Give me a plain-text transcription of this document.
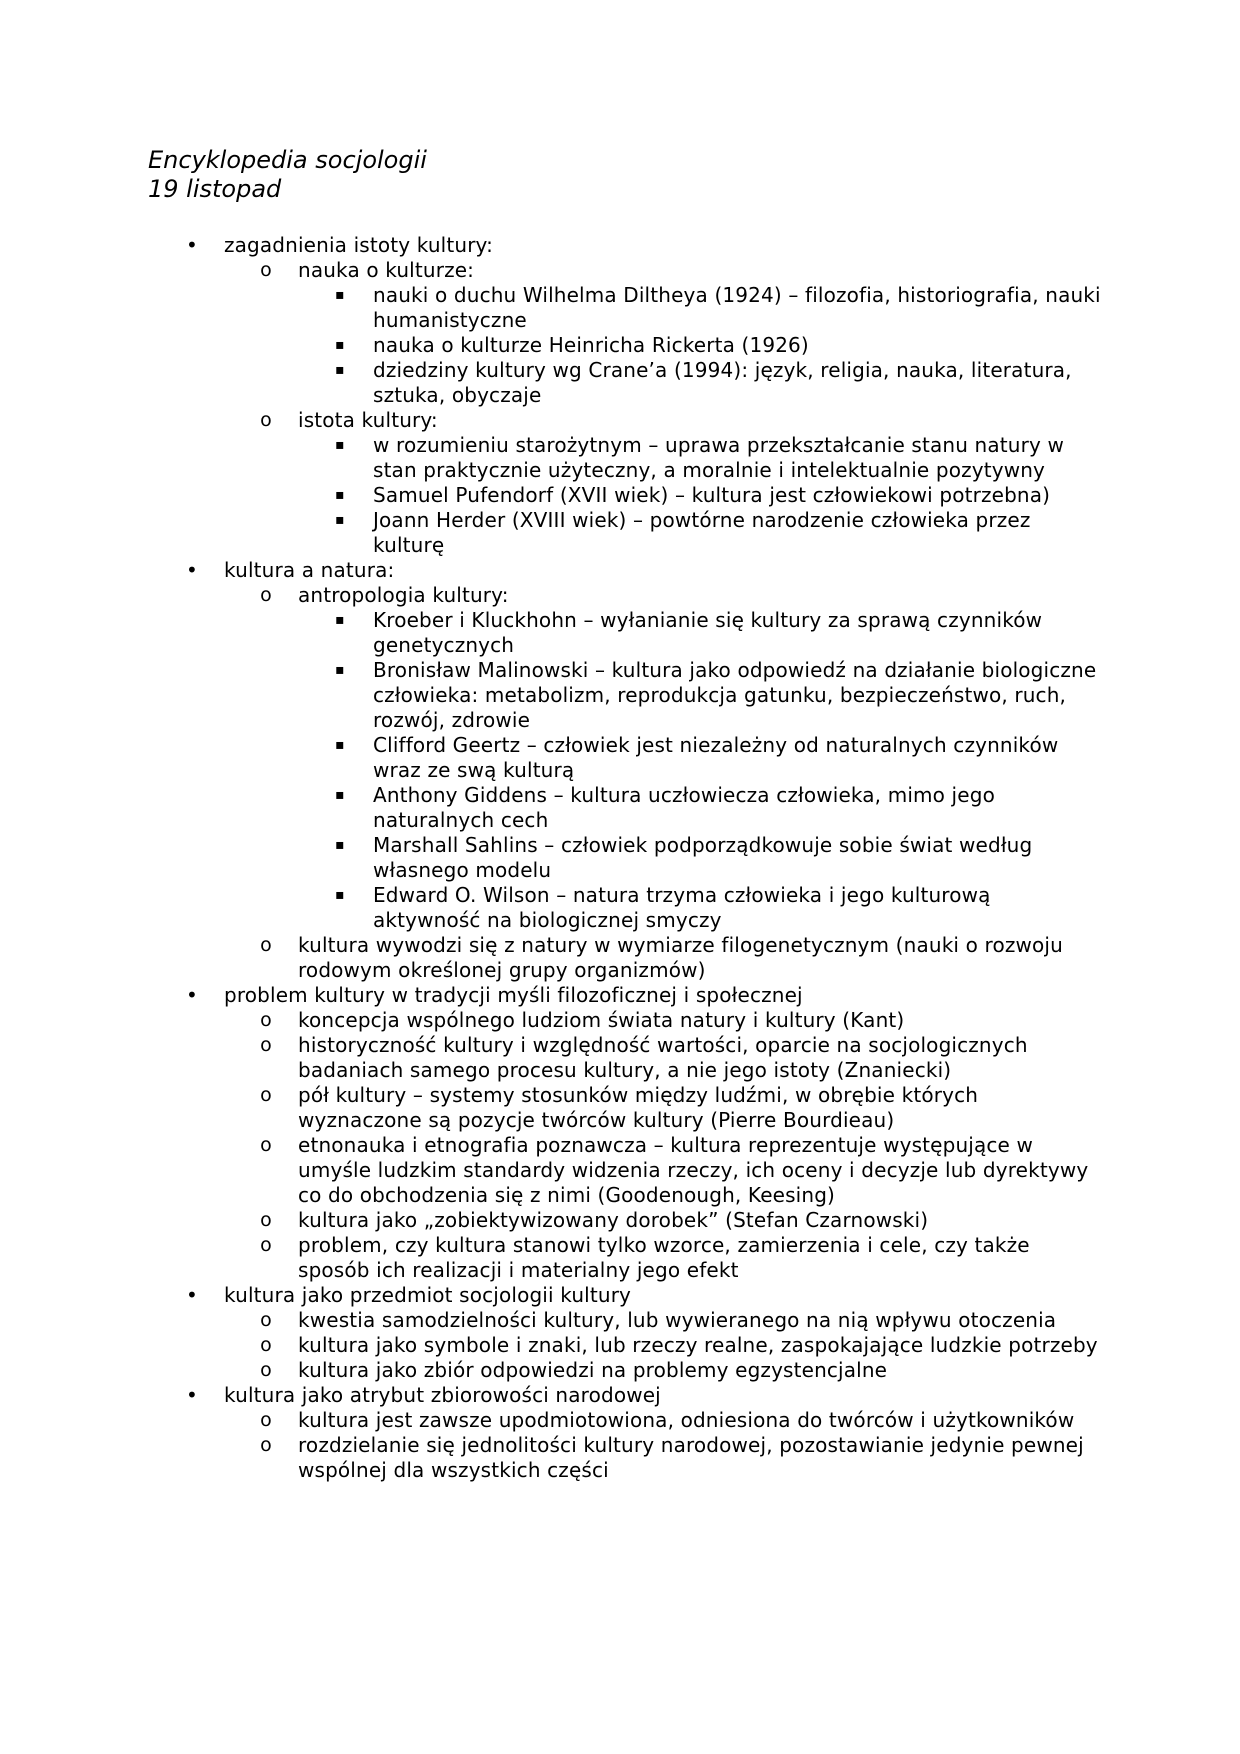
Encyklopedia socjologii
19 listopad
• zagadnienia istoty kultury:
o nauka o kulturze:
▪ nauki o duchu Wilhelma Diltheya (1924) – filozofia, historiografia, nauki humanistyczne
▪ nauka o kulturze Heinricha Rickerta (1926)
▪ dziedziny kultury wg Crane’a (1994): język, religia, nauka, literatura, sztuka, obyczaje
o istota kultury:
▪ w rozumieniu starożytnym – uprawa przekształcanie stanu natury w stan praktycznie użyteczny, a moralnie i intelektualnie pozytywny
▪ Samuel Pufendorf (XVII wiek) – kultura jest człowiekowi potrzebna)
▪ Joann Herder (XVIII wiek) – powtórne narodzenie człowieka przez kulturę
• kultura a natura:
o antropologia kultury:
▪ Kroeber i Kluckhohn – wyłanianie się kultury za sprawą czynników genetycznych
▪ Bronisław Malinowski – kultura jako odpowiedź na działanie biologiczne człowieka: metabolizm, reprodukcja gatunku, bezpieczeństwo, ruch, rozwój, zdrowie
▪ Clifford Geertz – człowiek jest niezależny od naturalnych czynników wraz ze swą kulturą
▪ Anthony Giddens – kultura uczłowiecza człowieka, mimo jego naturalnych cech
▪ Marshall Sahlins – człowiek podporządkowuje sobie świat według własnego modelu
▪ Edward O. Wilson – natura trzyma człowieka i jego kulturową aktywność na biologicznej smyczy
o kultura wywodzi się z natury w wymiarze filogenetycznym (nauki o rozwoju rodowym określonej grupy organizmów)
• problem kultury w tradycji myśli filozoficznej i społecznej
o koncepcja wspólnego ludziom świata natury i kultury (Kant)
o historyczność kultury i względność wartości, oparcie na socjologicznych badaniach samego procesu kultury, a nie jego istoty (Znaniecki)
o pół kultury – systemy stosunków między ludźmi, w obrębie których wyznaczone są pozycje twórców kultury (Pierre Bourdieau)
o etnonauka i etnografia poznawcza – kultura reprezentuje występujące w umyśle ludzkim standardy widzenia rzeczy, ich oceny i decyzje lub dyrektywy co do obchodzenia się z nimi (Goodenough, Keesing)
o kultura jako „zobiektywizowany dorobek” (Stefan Czarnowski)
o problem, czy kultura stanowi tylko wzorce, zamierzenia i cele, czy także sposób ich realizacji i materialny jego efekt
• kultura jako przedmiot socjologii kultury
o kwestia samodzielności kultury, lub wywieranego na nią wpływu otoczenia
o kultura jako symbole i znaki, lub rzeczy realne, zaspokajające ludzkie potrzeby
o kultura jako zbiór odpowiedzi na problemy egzystencjalne
• kultura jako atrybut zbiorowości narodowej
o kultura jest zawsze upodmiotowiona, odniesiona do twórców i użytkowników
o rozdzielanie się jednolitości kultury narodowej, pozostawianie jedynie pewnej wspólnej dla wszystkich części
